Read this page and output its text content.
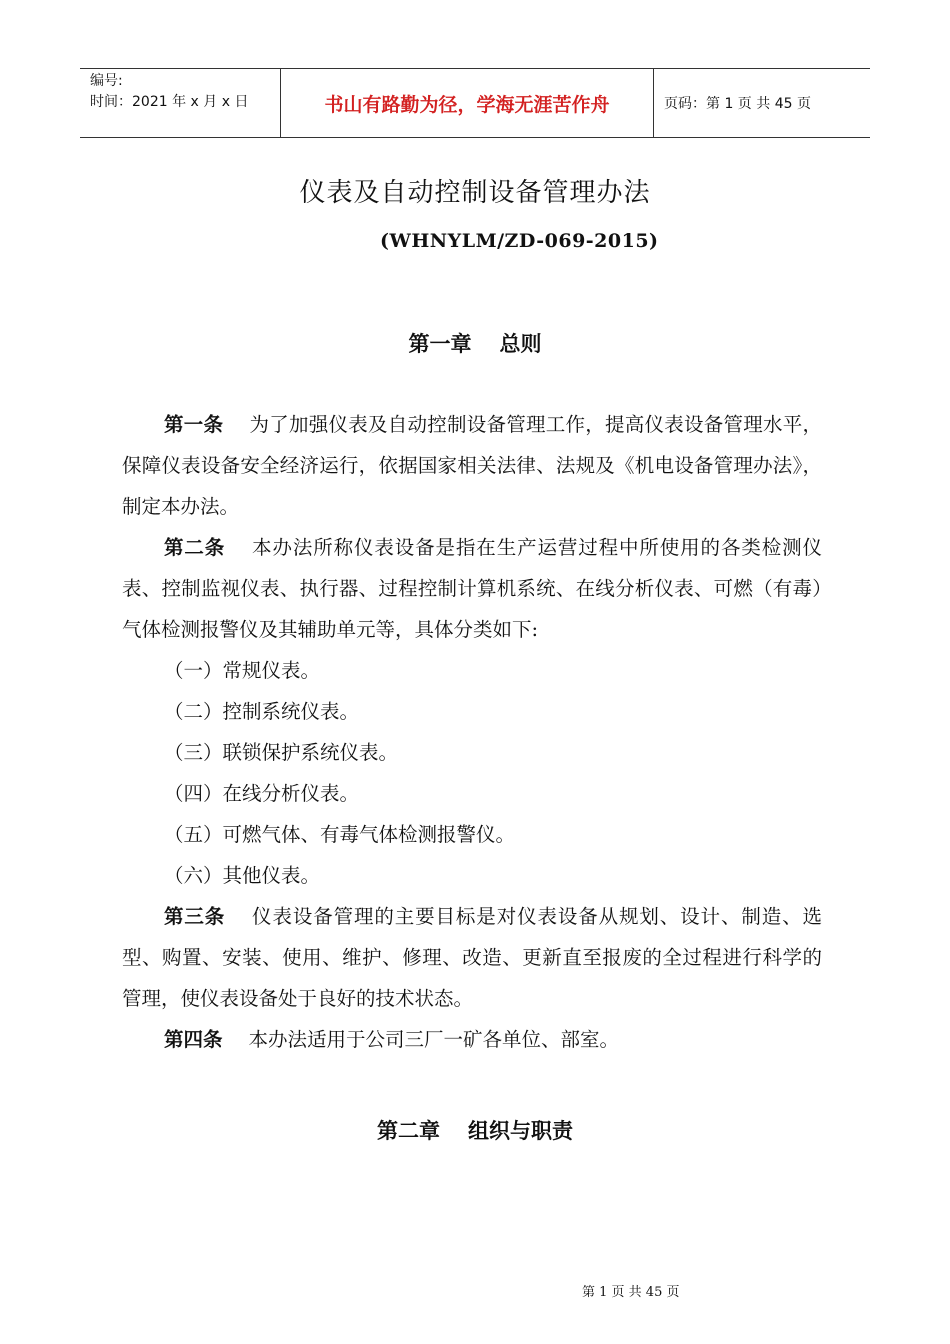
编号:
时间：2021 年 x 月 x 日	书山有路勤为径，学海无涯苦作舟	页码：第 1 页 共 45 页
仪表及自动控制设备管理办法
(WHNYLM/ZD-069-2015)
第一章 总则

第一条 为了加强仪表及自动控制设备管理工作，提高仪表设备管理水平，保障仪表设备安全经济运行，依据国家相关法律、法规及《机电设备管理办法》，制定本办法。

第二条 本办法所称仪表设备是指在生产运营过程中所使用的各类检测仪表、控制监视仪表、执行器、过程控制计算机系统、在线分析仪表、可燃（有毒）气体检测报警仪及其辅助单元等，具体分类如下:

（一）常规仪表。

（二）控制系统仪表。

（三）联锁保护系统仪表。

（四）在线分析仪表。

（五）可燃气体、有毒气体检测报警仪。

（六）其他仪表。

第三条 仪表设备管理的主要目标是对仪表设备从规划、设计、制造、选型、购置、安装、使用、维护、修理、改造、更新直至报废的全过程进行科学的管理，使仪表设备处于良好的技术状态。

第四条 本办法适用于公司三厂一矿各单位、部室。

第二章 组织与职责
第 1 页 共 45 页
